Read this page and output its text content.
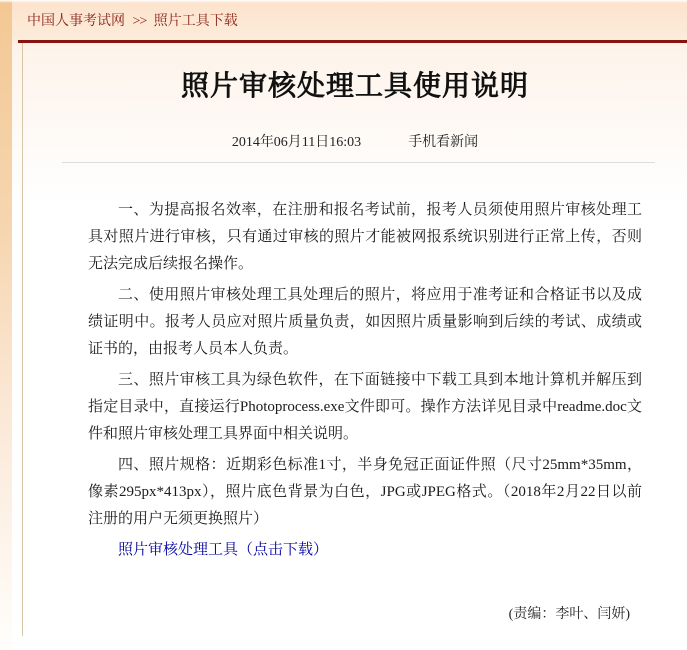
中国人事考试网 >> 照片工具下载
照片审核处理工具使用说明
2014年06月11日16:03	手机看新闻

一、为提高报名效率，在注册和报名考试前，报考人员须使用照片审核处理工具对照片进行审核，只有通过审核的照片才能被网报系统识别进行正常上传，否则无法完成后续报名操作。

二、使用照片审核处理工具处理后的照片，将应用于准考证和合格证书以及成绩证明中。报考人员应对照片质量负责，如因照片质量影响到后续的考试、成绩或证书的，由报考人员本人负责。

三、照片审核工具为绿色软件，在下面链接中下载工具到本地计算机并解压到指定目录中，直接运行Photoprocess.exe文件即可。操作方法详见目录中readme.doc文件和照片审核处理工具界面中相关说明。

四、照片规格：近期彩色标准1寸，半身免冠正面证件照（尺寸25mm*35mm，像素295px*413px），照片底色背景为白色，JPG或JPEG格式。（2018年2月22日以前注册的用户无须更换照片）

照片审核处理工具（点击下载）

(责编：李叶、闫妍)
